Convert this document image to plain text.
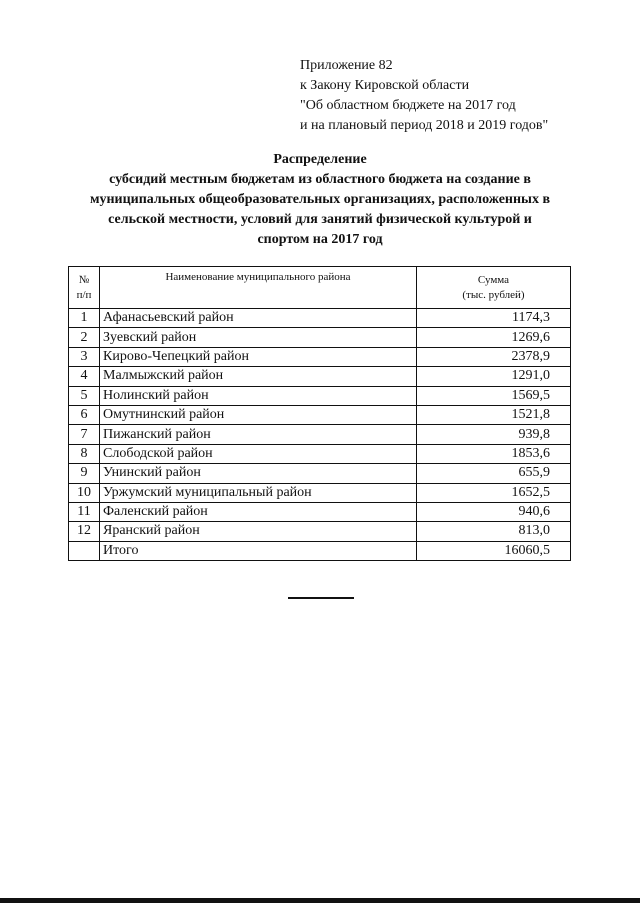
Приложение 82
к Закону Кировской области
"Об областном бюджете на 2017 год
и на плановый период 2018 и 2019 годов"
Распределение
субсидий местным бюджетам из областного бюджета на создание в
муниципальных общеобразовательных организациях, расположенных в
сельской местности, условий для занятий физической культурой и
спортом на 2017 год
№
п/п	Наименование муниципального района	Сумма
(тыс. рублей)

1	Афанасьевский район	1174,3
2	Зуевский район	1269,6
3	Кирово-Чепецкий район	2378,9
4	Малмыжский район	1291,0
5	Нолинский район	1569,5
6	Омутнинский район	1521,8
7	Пижанский район	939,8
8	Слободской район	1853,6
9	Унинский район	655,9
10	Уржумский муниципальный район	1652,5
11	Фаленский район	940,6
12	Яранский район	813,0
	Итого	16060,5
